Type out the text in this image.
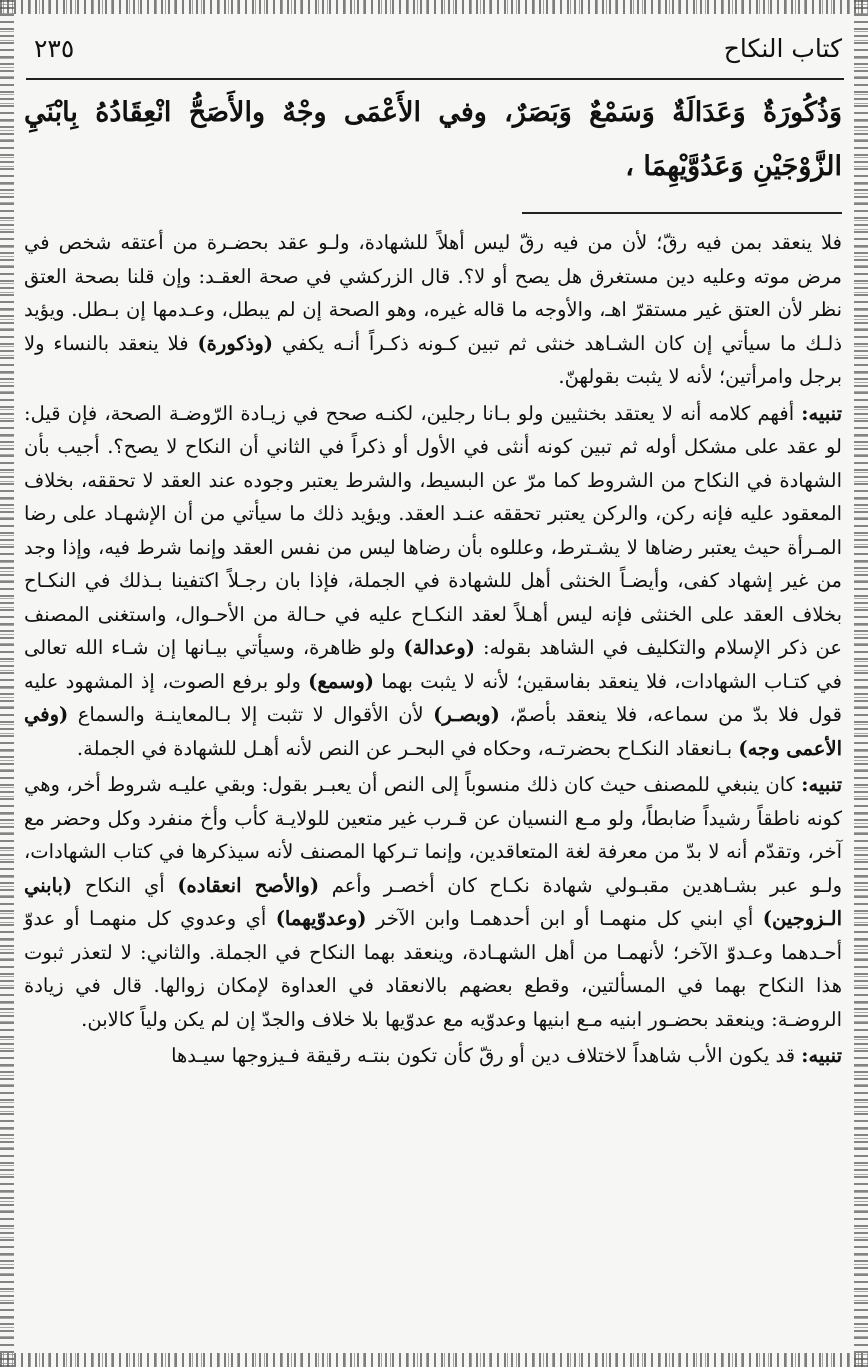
كتاب النكاح
٢٣٥
وَذُكُورَةٌ وَعَدَالَةٌ وَسَمْعٌ وَبَصَرٌ، وفي الأَعْمَى وجْهٌ والأَصَحُّ انْعِقَادُهُ بِابْنَيِ الزَّوْجَيْنِ وَعَدُوَّيْهِمَا ،

فلا ينعقد بمن فيه رقّ؛ لأن من فيه رقّ ليس أهلاً للشهادة، ولـو عقد بحضـرة من أعتقه شخص في مرض موته وعليه دين مستغرق هل يصح أو لا؟. قال الزركشي في صحة العقـد: وإن قلنا بصحة العتق نظر لأن العتق غير مستقرّ اهـ، والأوجه ما قاله غيره، وهو الصحة إن لم يبطل، وعـدمها إن بـطل. ويؤيد ذلـك ما سيأتي إن كان الشـاهد خنثى ثم تبين كـونه ذكـراً أنـه يكفي (وذكورة) فلا ينعقد بالنساء ولا برجل وامرأتين؛ لأنه لا يثبت بقولهنّ.

تنبيه: أفهم كلامه أنه لا يعتقد بخنثيين ولو بـانا رجلين، لكنـه صحح في زيـادة الرّوضـة الصحة، فإن قيل: لو عقد على مشكل أوله ثم تبين كونه أنثى في الأول أو ذكراً في الثاني أن النكاح لا يصح؟. أجيب بأن الشهادة في النكاح من الشروط كما مرّ عن البسيط، والشرط يعتبر وجوده عند العقد لا تحققه، بخلاف المعقود عليه فإنه ركن، والركن يعتبر تحققه عنـد العقد. ويؤيد ذلك ما سيأتي من أن الإشهـاد على رضا المـرأة حيث يعتبر رضاها لا يشـترط، وعللوه بأن رضاها ليس من نفس العقد وإنما شرط فيه، وإذا وجد من غير إشهاد كفى، وأيضـاً الخنثى أهل للشهادة في الجملة، فإذا بان رجـلاً اكتفينا بـذلك في النكـاح بخلاف العقد على الخنثى فإنه ليس أهـلاً لعقد النكـاح عليه في حـالة من الأحـوال، واستغنى المصنف عن ذكر الإسلام والتكليف في الشاهد بقوله: (وعدالة) ولو ظاهرة، وسيأتي بيـانها إن شـاء الله تعالى في كتـاب الشهادات، فلا ينعقد بفاسقين؛ لأنه لا يثبت بهما (وسمع) ولو برفع الصوت، إذ المشهود عليه قول فلا بدّ من سماعه، فلا ينعقد بأصمّ، (وبصـر) لأن الأقوال لا تثبت إلا بـالمعاينـة والسماع (وفي الأعمى وجه) بـانعقاد النكـاح بحضرتـه، وحكاه في البحـر عن النص لأنه أهـل للشهادة في الجملة.

تنبيه: كان ينبغي للمصنف حيث كان ذلك منسوباً إلى النص أن يعبـر بقول: وبقي عليـه شروط أخر، وهي كونه ناطقاً رشيداً ضابطاً، ولو مـع النسيان عن قـرب غير متعين للولايـة كأب وأخ منفرد وكل وحضر مع آخر، وتقدّم أنه لا بدّ من معرفة لغة المتعاقدين، وإنما تـركها المصنف لأنه سيذكرها في كتاب الشهادات، ولـو عبر بشـاهدين مقبـولي شهادة نكـاح كان أخصـر وأعم (والأصح انعقاده) أي النكاح (بابني الـزوجين) أي ابني كل منهمـا أو ابن أحدهمـا وابن الآخر (وعدوّيهما) أي وعدوي كل منهمـا أو عدوّ أحـدهما وعـدوّ الآخر؛ لأنهمـا من أهل الشهـادة، وينعقد بهما النكاح في الجملة. والثاني: لا لتعذر ثبوت هذا النكاح بهما في المسألتين، وقطع بعضهم بالانعقاد في العداوة لإمكان زوالها. قال في زيادة الروضـة: وينعقد بحضـور ابنيه مـع ابنيها وعدوّيه مع عدوّيها بلا خلاف والجدّ إن لم يكن ولياً كالابن.

تنبيه: قد يكون الأب شاهداً لاختلاف دين أو رقّ كأن تكون بنتـه رقيقة فـيزوجها سيـدها
